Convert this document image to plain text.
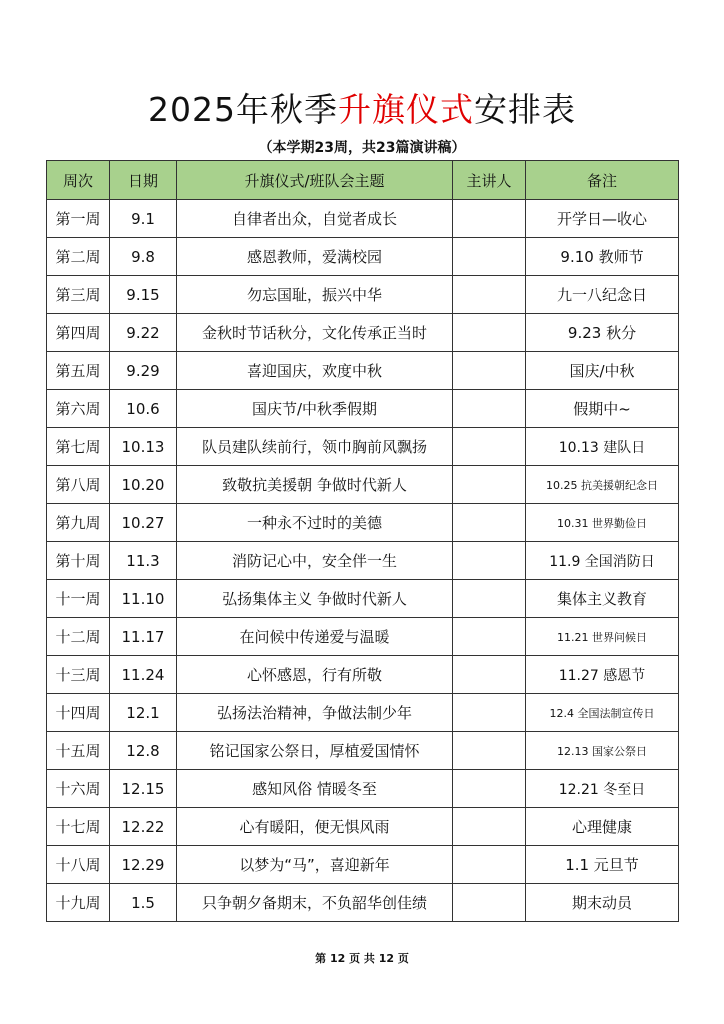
2025年秋季升旗仪式安排表
（本学期23周，共23篇演讲稿）
周次	日期	升旗仪式/班队会主题	主讲人	备注
第一周	9.1	自律者出众，自觉者成长		开学日—收心
第二周	9.8	感恩教师，爱满校园		9.10 教师节
第三周	9.15	勿忘国耻，振兴中华		九一八纪念日
第四周	9.22	金秋时节话秋分，文化传承正当时		9.23 秋分
第五周	9.29	喜迎国庆，欢度中秋		国庆/中秋
第六周	10.6	国庆节/中秋季假期		假期中~
第七周	10.13	队员建队续前行，领巾胸前风飘扬		10.13 建队日
第八周	10.20	致敬抗美援朝 争做时代新人		10.25 抗美援朝纪念日
第九周	10.27	一种永不过时的美德		10.31 世界勤俭日
第十周	11.3	消防记心中，安全伴一生		11.9 全国消防日
十一周	11.10	弘扬集体主义 争做时代新人		集体主义教育
十二周	11.17	在问候中传递爱与温暖		11.21 世界问候日
十三周	11.24	心怀感恩，行有所敬		11.27 感恩节
十四周	12.1	弘扬法治精神，争做法制少年		12.4 全国法制宣传日
十五周	12.8	铭记国家公祭日，厚植爱国情怀		12.13 国家公祭日
十六周	12.15	感知风俗 情暖冬至		12.21 冬至日
十七周	12.22	心有暖阳，便无惧风雨		心理健康
十八周	12.29	以梦为“马”，喜迎新年		1.1 元旦节
十九周	1.5	只争朝夕备期末，不负韶华创佳绩		期末动员
第 12 页 共 12 页
